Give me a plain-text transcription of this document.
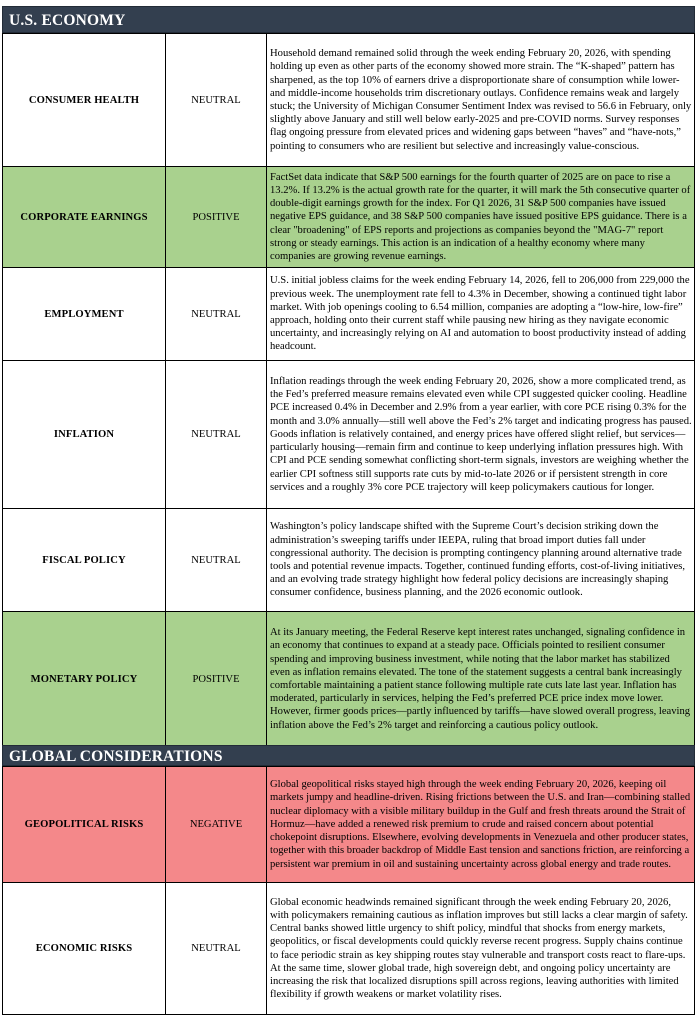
U.S. ECONOMY
CONSUMER HEALTH	NEUTRAL	Household demand remained solid through the week ending February 20, 2026, with spending holding up even as other parts of the economy showed more strain. The “K-shaped” pattern has sharpened, as the top 10% of earners drive a disproportionate share of consumption while lower- and middle-income households trim discretionary outlays. Confidence remains weak and largely stuck; the University of Michigan Consumer Sentiment Index was revised to 56.6 in February, only slightly above January and still well below early-2025 and pre-COVID norms. Survey responses flag ongoing pressure from elevated prices and widening gaps between “haves” and “have-nots,” pointing to consumers who are resilient but selective and increasingly value-conscious.
CORPORATE EARNINGS	POSITIVE	FactSet data indicate that S&P 500 earnings for the fourth quarter of 2025 are on pace to rise a 13.2%. If 13.2% is the actual growth rate for the quarter, it will mark the 5th consecutive quarter of double-digit earnings growth for the index. For Q1 2026, 31 S&P 500 companies have issued negative EPS guidance, and 38 S&P 500 companies have issued positive EPS guidance. There is a clear "broadening" of EPS reports and projections as companies beyond the "MAG-7" report strong or steady earnings. This action is an indication of a healthy economy where many companies are growing revenue earnings.
EMPLOYMENT	NEUTRAL	U.S. initial jobless claims for the week ending February 14, 2026, fell to 206,000 from 229,000 the previous week. The unemployment rate fell to 4.3% in December, showing a continued tight labor market. With job openings cooling to 6.54 million, companies are adopting a “low-hire, low-fire” approach, holding onto their current staff while pausing new hiring as they navigate economic uncertainty, and increasingly relying on AI and automation to boost productivity instead of adding headcount.
INFLATION	NEUTRAL	Inflation readings through the week ending February 20, 2026, show a more complicated trend, as the Fed’s preferred measure remains elevated even while CPI suggested quicker cooling. Headline PCE increased 0.4% in December and 2.9% from a year earlier, with core PCE rising 0.3% for the month and 3.0% annually—still well above the Fed’s 2% target and indicating progress has paused. Goods inflation is relatively contained, and energy prices have offered slight relief, but services—particularly housing—remain firm and continue to keep underlying inflation pressures high. With CPI and PCE sending somewhat conflicting short-term signals, investors are weighing whether the earlier CPI softness still supports rate cuts by mid-to-late 2026 or if persistent strength in core services and a roughly 3% core PCE trajectory will keep policymakers cautious for longer.
FISCAL POLICY	NEUTRAL	Washington’s policy landscape shifted with the Supreme Court’s decision striking down the administration’s sweeping tariffs under IEEPA, ruling that broad import duties fall under congressional authority. The decision is prompting contingency planning around alternative trade tools and potential revenue impacts. Together, continued funding efforts, cost-of-living initiatives, and an evolving trade strategy highlight how federal policy decisions are increasingly shaping consumer confidence, business planning, and the 2026 economic outlook.
MONETARY POLICY	POSITIVE	At its January meeting, the Federal Reserve kept interest rates unchanged, signaling confidence in an economy that continues to expand at a steady pace. Officials pointed to resilient consumer spending and improving business investment, while noting that the labor market has stabilized even as inflation remains elevated. The tone of the statement suggests a central bank increasingly comfortable maintaining a patient stance following multiple rate cuts late last year. Inflation has moderated, particularly in services, helping the Fed’s preferred PCE price index move lower. However, firmer goods prices—partly influenced by tariffs—have slowed overall progress, leaving inflation above the Fed’s 2% target and reinforcing a cautious policy outlook.
GLOBAL CONSIDERATIONS
GEOPOLITICAL RISKS	NEGATIVE	Global geopolitical risks stayed high through the week ending February 20, 2026, keeping oil markets jumpy and headline-driven. Rising frictions between the U.S. and Iran—combining stalled nuclear diplomacy with a visible military buildup in the Gulf and fresh threats around the Strait of Hormuz—have added a renewed risk premium to crude and raised concern about potential chokepoint disruptions. Elsewhere, evolving developments in Venezuela and other producer states, together with this broader backdrop of Middle East tension and sanctions friction, are reinforcing a persistent war premium in oil and sustaining uncertainty across global energy and trade routes.
ECONOMIC RISKS	NEUTRAL	Global economic headwinds remained significant through the week ending February 20, 2026, with policymakers remaining cautious as inflation improves but still lacks a clear margin of safety. Central banks showed little urgency to shift policy, mindful that shocks from energy markets, geopolitics, or fiscal developments could quickly reverse recent progress. Supply chains continue to face periodic strain as key shipping routes stay vulnerable and transport costs react to flare-ups. At the same time, slower global trade, high sovereign debt, and ongoing policy uncertainty are increasing the risk that localized disruptions spill across regions, leaving authorities with limited flexibility if growth weakens or market volatility rises.
